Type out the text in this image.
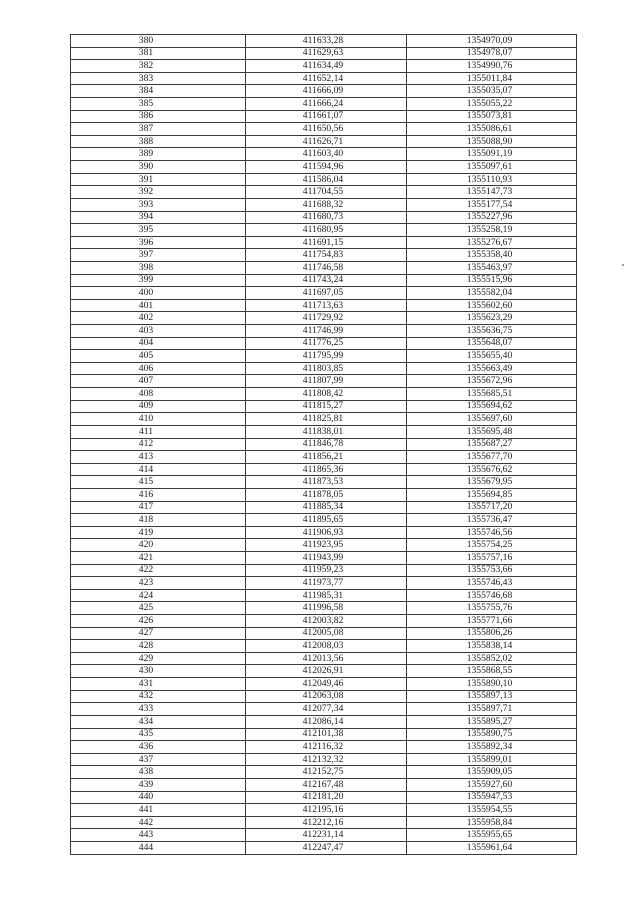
380	411633,28	1354970,09
381	411629,63	1354978,07
382	411634,49	1354990,76
383	411652,14	1355011,84
384	411666,09	1355035,07
385	411666,24	1355055,22
386	411661,07	1355073,81
387	411650,56	1355086,61
388	411626,71	1355088,90
389	411603,40	1355091,19
390	411594,96	1355097,61
391	411586,04	1355110,93
392	411704,55	1355147,73
393	411688,32	1355177,54
394	411680,73	1355227,96
395	411680,95	1355258,19
396	411691,15	1355276,67
397	411754,83	1355358,40
398	411746,58	1355463,97
399	411743,24	1355515,96
400	411697,05	1355582,04
401	411713,63	1355602,60
402	411729,92	1355623,29
403	411746,99	1355636,75
404	411776,25	1355648,07
405	411795,99	1355655,40
406	411803,85	1355663,49
407	411807,99	1355672,96
408	411808,42	1355685,51
409	411815,27	1355694,62
410	411825,81	1355697,60
411	411838,01	1355695,48
412	411846,78	1355687,27
413	411856,21	1355677,70
414	411865,36	1355676,62
415	411873,53	1355679,95
416	411878,05	1355694,85
417	411885,34	1355717,20
418	411895,65	1355736,47
419	411906,93	1355746,56
420	411923,95	1355754,25
421	411943,99	1355757,16
422	411959,23	1355753,66
423	411973,77	1355746,43
424	411985,31	1355746,68
425	411996,58	1355755,76
426	412003,82	1355771,66
427	412005,08	1355806,26
428	412008,03	1355838,14
429	412013,56	1355852,02
430	412026,91	1355868,55
431	412049,46	1355890,10
432	412063,08	1355897,13
433	412077,34	1355897,71
434	412086,14	1355895,27
435	412101,38	1355890,75
436	412116,32	1355892,34
437	412132,32	1355899,01
438	412152,75	1355909,05
439	412167,48	1355927,60
440	412181,20	1355947,53
441	412195,16	1355954,55
442	412212,16	1355958,84
443	412231,14	1355955,65
444	412247,47	1355961,64
